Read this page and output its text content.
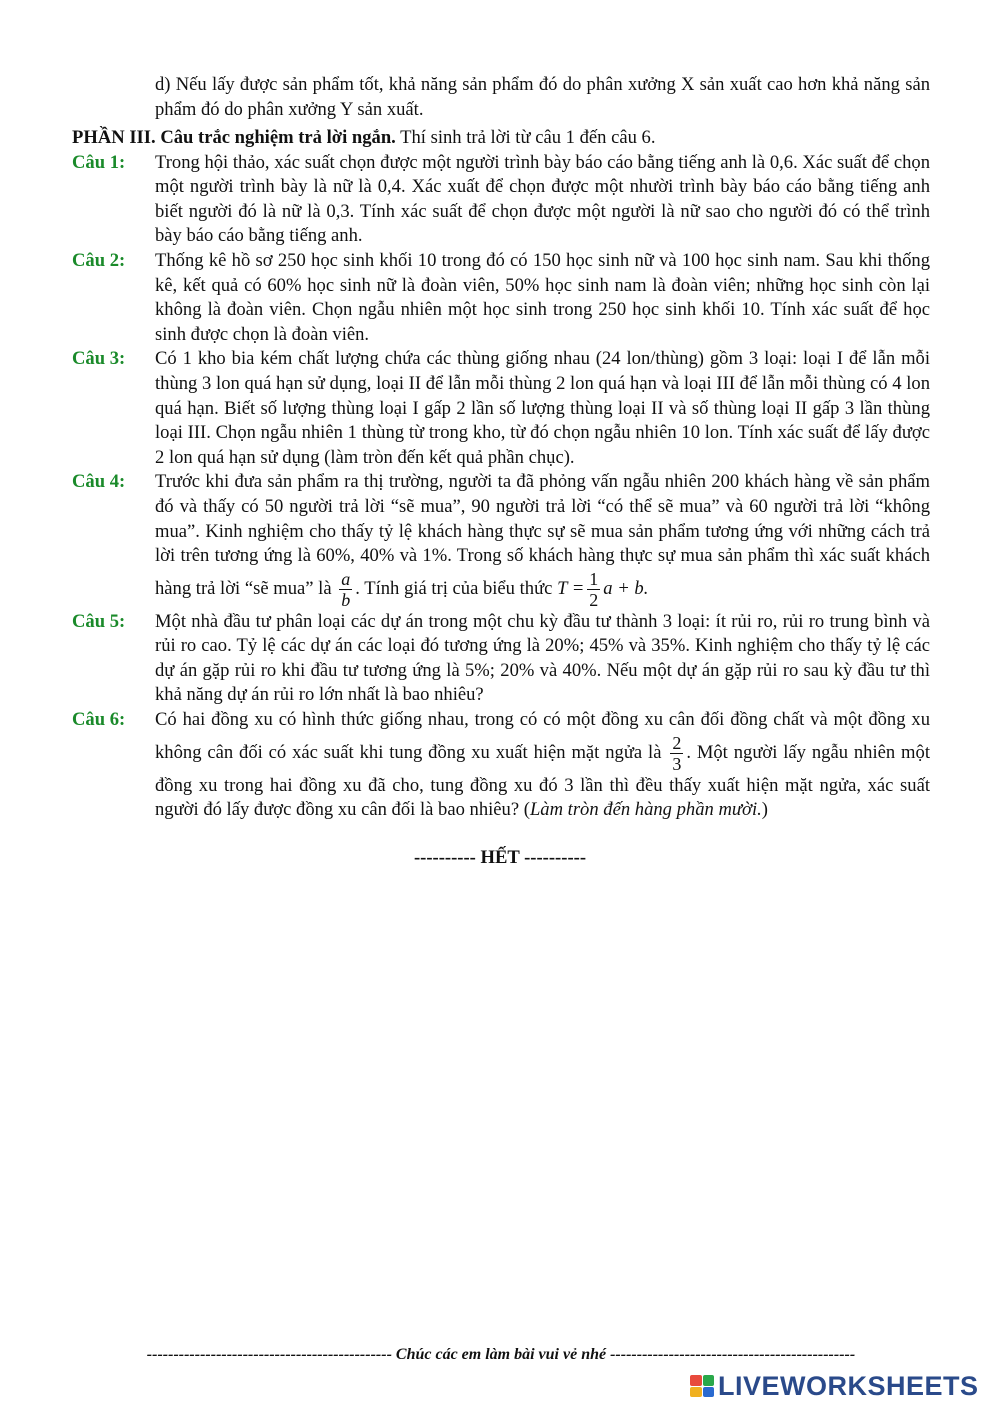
d) Nếu lấy được sản phẩm tốt, khả năng sản phẩm đó do phân xưởng X sản xuất cao hơn khả năng sản phẩm đó do phân xưởng Y sản xuất.
PHẦN III. Câu trắc nghiệm trả lời ngắn. Thí sinh trả lời từ câu 1 đến câu 6.
Câu 1:	Trong hội thảo, xác suất chọn được một người trình bày báo cáo bằng tiếng anh là 0,6. Xác suất để chọn một người trình bày là nữ là 0,4. Xác xuất để chọn được một nhười trình bày báo cáo bằng tiếng anh biết người đó là nữ là 0,3. Tính xác suất để chọn được một người là nữ sao cho người đó có thể trình bày báo cáo bằng tiếng anh.
Câu 2:	Thống kê hồ sơ 250 học sinh khối 10 trong đó có 150 học sinh nữ và 100 học sinh nam. Sau khi thống kê, kết quả có 60% học sinh nữ là đoàn viên, 50% học sinh nam là đoàn viên; những học sinh còn lại không là đoàn viên. Chọn ngẫu nhiên một học sinh trong 250 học sinh khối 10. Tính xác suất để học sinh được chọn là đoàn viên.
Câu 3:	Có 1 kho bia kém chất lượng chứa các thùng giống nhau (24 lon/thùng) gồm 3 loại: loại I để lẫn mỗi thùng 3 lon quá hạn sử dụng, loại II để lẫn mỗi thùng 2 lon quá hạn và loại III để lẫn mỗi thùng có 4 lon quá hạn. Biết số lượng thùng loại I gấp 2 lần số lượng thùng loại II và số thùng loại II gấp 3 lần thùng loại III. Chọn ngẫu nhiên 1 thùng từ trong kho, từ đó chọn ngẫu nhiên 10 lon. Tính xác suất để lấy được 2 lon quá hạn sử dụng (làm tròn đến kết quả phần chục).
Câu 4:	Trước khi đưa sản phẩm ra thị trường, người ta đã phỏng vấn ngẫu nhiên 200 khách hàng về sản phẩm đó và thấy có 50 người trả lời “sẽ mua”, 90 người trả lời “có thể sẽ mua” và 60 người trả lời “không mua”. Kinh nghiệm cho thấy tỷ lệ khách hàng thực sự sẽ mua sản phẩm tương ứng với những cách trả lời trên tương ứng là 60%, 40% và 1%. Trong số khách hàng thực sự mua sản phẩm thì xác suất khách hàng trả lời “sẽ mua” là $\frac{a}{b}$ . Tính giá trị của biểu thức $T = \frac{1}{2}$ a + b.
Câu 5:	Một nhà đầu tư phân loại các dự án trong một chu kỳ đầu tư thành 3 loại: ít rủi ro, rủi ro trung bình và rủi ro cao. Tỷ lệ các dự án các loại đó tương ứng là 20%; 45% và 35%. Kinh nghiệm cho thấy tỷ lệ các dự án gặp rủi ro khi đầu tư tương ứng là 5%; 20% và 40%. Nếu một dự án gặp rủi ro sau kỳ đầu tư thì khả năng dự án rủi ro lớn nhất là bao nhiêu?
Câu 6:	Có hai đồng xu có hình thức giống nhau, trong có có một đồng xu cân đối đồng chất và một đồng xu không cân đối có xác suất khi tung đồng xu xuất hiện mặt ngửa là $\frac{2}{3}$ . Một người lấy ngẫu nhiên một đồng xu trong hai đồng xu đã cho, tung đồng xu đó 3 lần thì đều thấy xuất hiện mặt ngửa, xác suất người đó lấy được đồng xu cân đối là bao nhiêu? (Làm tròn đến hàng phần mười.)
---------- HẾT ----------
---------------------------------------------- Chúc các em làm bài vui vẻ nhé ----------------------------------------------
LIVEWORKSHEETS
